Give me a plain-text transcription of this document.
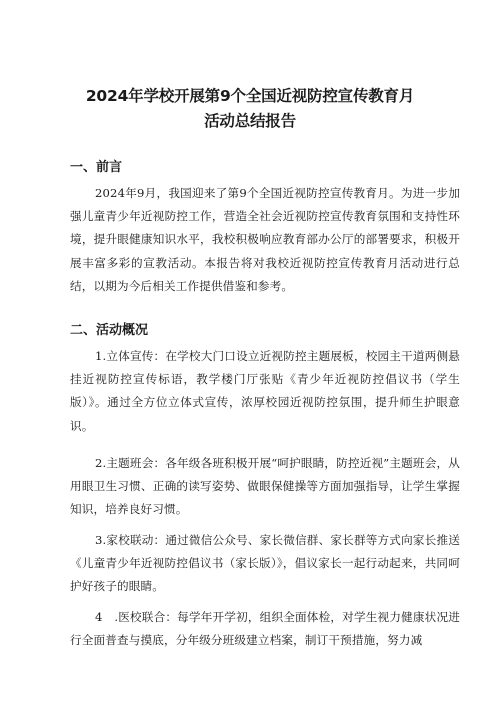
2024年学校开展第9个全国近视防控宣传教育月
活动总结报告
一、前言

2024年9月，我国迎来了第9个全国近视防控宣传教育月。为进一步加强儿童青少年近视防控工作，营造全社会近视防控宣传教育氛围和支持性环境，提升眼健康知识水平，我校积极响应教育部办公厅的部署要求，积极开展丰富多彩的宣教活动。本报告将对我校近视防控宣传教育月活动进行总结，以期为今后相关工作提供借鉴和参考。

二、活动概况

1.立体宣传：在学校大门口设立近视防控主题展板，校园主干道两侧悬挂近视防控宣传标语，教学楼门厅张贴《青少年近视防控倡议书（学生版）》。通过全方位立体式宣传，浓厚校园近视防控氛围，提升师生护眼意识。

2.主题班会：各年级各班积极开展“呵护眼睛，防控近视”主题班会，从用眼卫生习惯、正确的读写姿势、做眼保健操等方面加强指导，让学生掌握知识，培养良好习惯。

3.家校联动：通过微信公众号、家长微信群、家长群等方式向家长推送《儿童青少年近视防控倡议书（家长版）》，倡议家长一起行动起来，共同呵护好孩子的眼睛。

4　.医校联合：每学年开学初，组织全面体检，对学生视力健康状况进行全面普查与摸底，分年级分班级建立档案，制订干预措施，努力减
